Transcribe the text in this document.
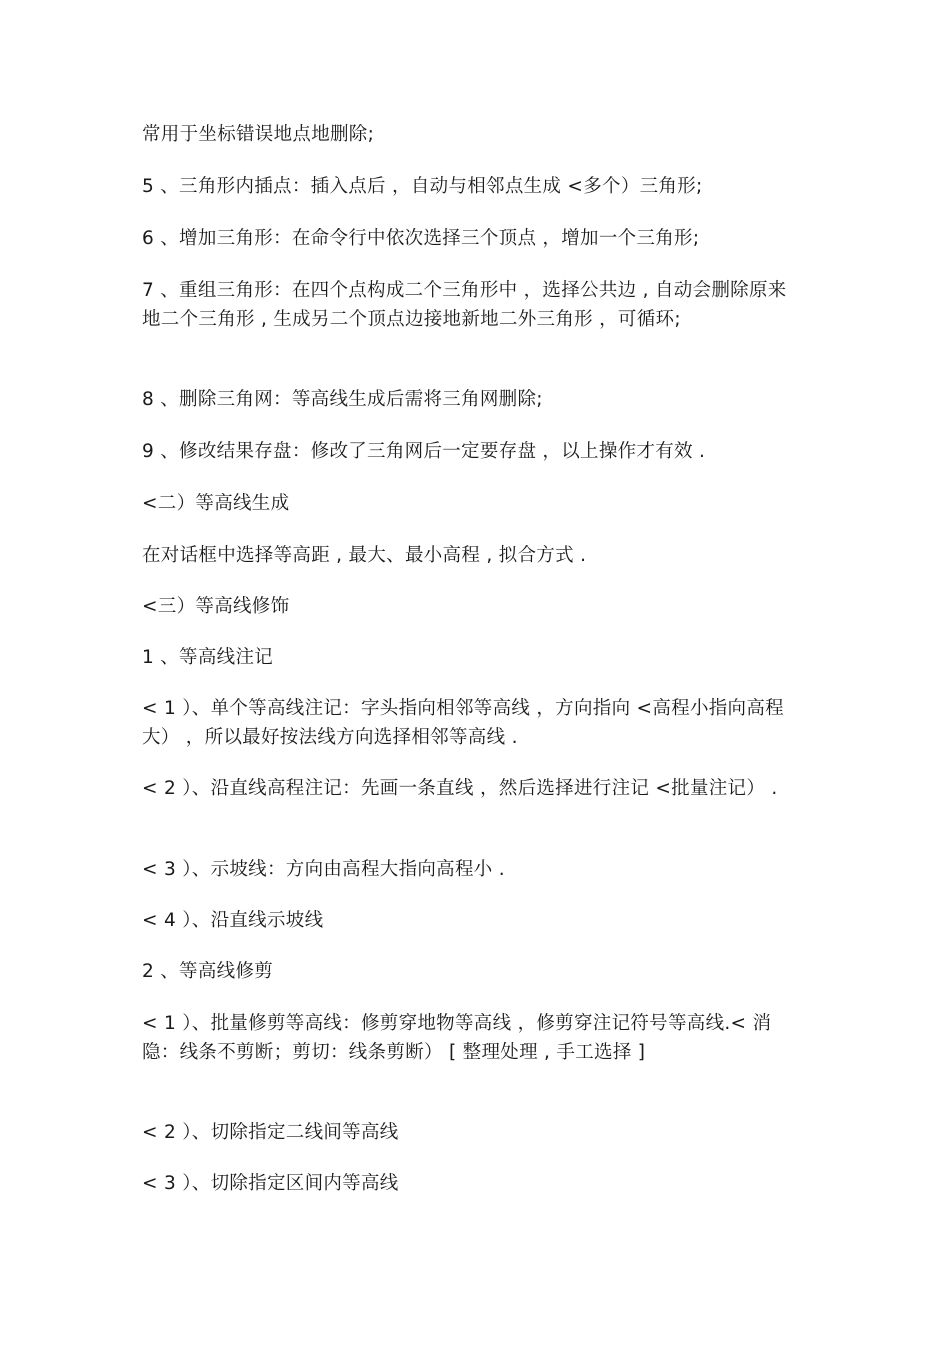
常用于坐标错误地点地删除;

5 、三角形内插点：插入点后 ，自动与相邻点生成 <多个）三角形;

6 、增加三角形：在命令行中依次选择三个顶点 ，增加一个三角形;

7 、重组三角形：在四个点构成二个三角形中 ，选择公共边 , 自动会删除原来地二个三角形 , 生成另二个顶点边接地新地二外三角形 ，可循环;

8 、删除三角网：等高线生成后需将三角网删除;

9 、修改结果存盘：修改了三角网后一定要存盘 ，以上操作才有效 .

<二）等高线生成

在对话框中选择等高距 , 最大、最小高程 , 拟合方式 .

<三）等高线修饰

1 、等高线注记

< 1 ）、单个等高线注记：字头指向相邻等高线 ，方向指向 <高程小指向高程大） ，所以最好按法线方向选择相邻等高线 .

< 2 ）、沿直线高程注记：先画一条直线 ，然后选择进行注记 <批量注记） .

< 3 ）、示坡线：方向由高程大指向高程小 .

< 4 ）、沿直线示坡线

2 、等高线修剪

< 1 ）、批量修剪等高线：修剪穿地物等高线 ，修剪穿注记符号等高线.< 消隐：线条不剪断；剪切：线条剪断） [ 整理处理 , 手工选择 ]

< 2 ）、切除指定二线间等高线

< 3 ）、切除指定区间内等高线
